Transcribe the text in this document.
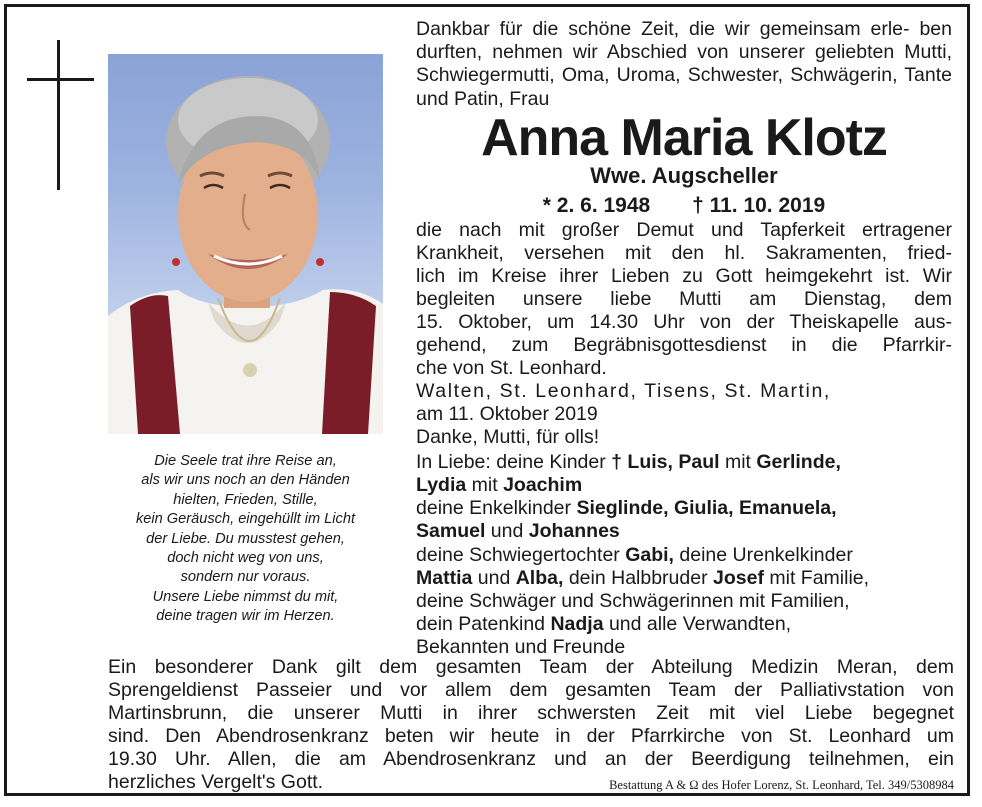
Die Seele trat ihre Reise an,
als wir uns noch an den Händen
hielten, Frieden, Stille,
kein Geräusch, eingehüllt im Licht
der Liebe. Du musstest gehen,
doch nicht weg von uns,
sondern nur voraus.
Unsere Liebe nimmst du mit,
deine tragen wir im Herzen.
Dankbar für die schöne Zeit, die wir gemeinsam erle- ben durften, nehmen wir Abschied von unserer geliebten Mutti, Schwiegermutti, Oma, Uroma, Schwester, Schwägerin, Tante und Patin, Frau
Anna Maria Klotz
Wwe. Augscheller
* 2. 6. 1948 † 11. 10. 2019
die nach mit großer Demut und Tapferkeit ertragener
Krankheit, versehen mit den hl. Sakramenten, fried-
lich im Kreise ihrer Lieben zu Gott heimgekehrt ist. Wir
begleiten unsere liebe Mutti am Dienstag, dem
15. Oktober, um 14.30 Uhr von der Theiskapelle aus-
gehend, zum Begräbnisgottesdienst in die Pfarrkir-
che von St. Leonhard.
Walten, St. Leonhard, Tisens, St. Martin,
am 11. Oktober 2019
Danke, Mutti, für olls!
In Liebe: deine Kinder † Luis, Paul mit Gerlinde,
Lydia mit Joachim
deine Enkelkinder Sieglinde, Giulia, Emanuela,
Samuel und Johannes
deine Schwiegertochter Gabi, deine Urenkelkinder
Mattia und Alba, dein Halbbruder Josef mit Familie,
deine Schwäger und Schwägerinnen mit Familien,
dein Patenkind Nadja und alle Verwandten,
Bekannten und Freunde
Ein besonderer Dank gilt dem gesamten Team der Abteilung Medizin Meran, dem
Sprengeldienst Passeier und vor allem dem gesamten Team der Palliativstation von
Martinsbrunn, die unserer Mutti in ihrer schwersten Zeit mit viel Liebe begegnet
sind. Den Abendrosenkranz beten wir heute in der Pfarrkirche von St. Leonhard um
19.30 Uhr. Allen, die am Abendrosenkranz und an der Beerdigung teilnehmen, ein
herzliches Vergelt's Gott.	Bestattung A & Ω des Hofer Lorenz, St. Leonhard, Tel. 349/5308984
